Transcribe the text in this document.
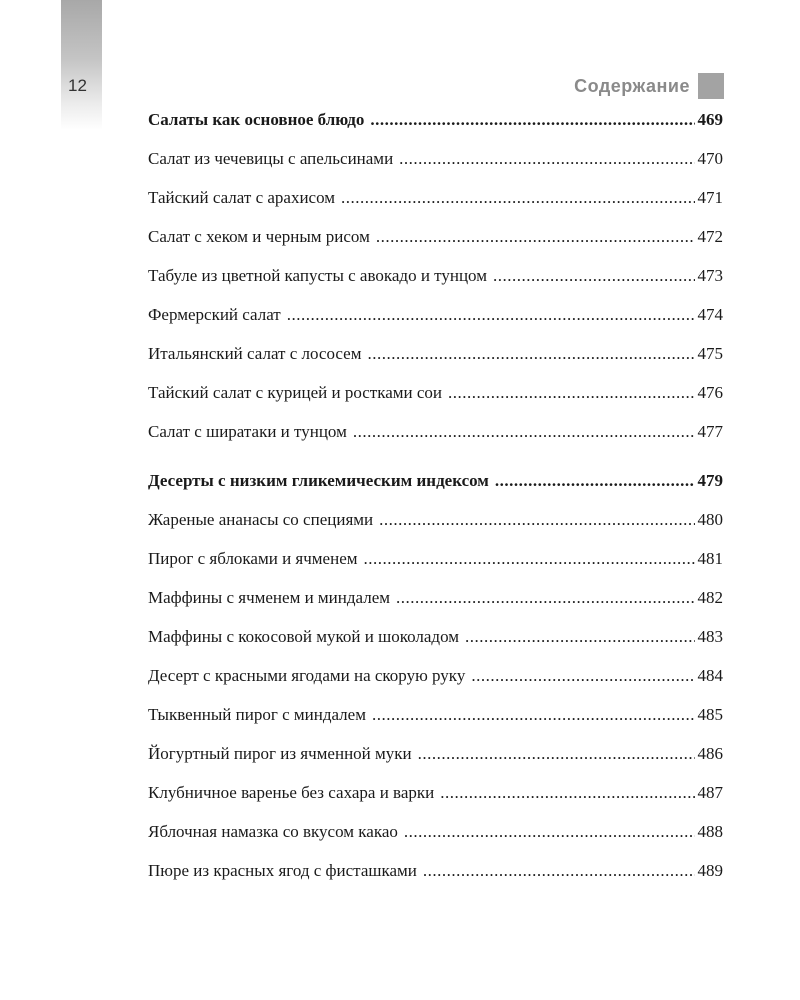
12	Содержание
Салаты как основное блюдо .....	469
Салат из чечевицы с апельсинами .....	470
Тайский салат с арахисом .....	471
Салат с хеком и черным рисом .....	472
Табуле из цветной капусты с авокадо и тунцом .....	473
Фермерский салат .....	474
Итальянский салат с лососем .....	475
Тайский салат с курицей и ростками сои .....	476
Салат с ширатаки и тунцом .....	477
Десерты с низким гликемическим индексом .....	479
Жареные ананасы со специями .....	480
Пирог с яблоками и ячменем .....	481
Маффины с ячменем и миндалем .....	482
Маффины с кокосовой мукой и шоколадом .....	483
Десерт с красными ягодами на скорую руку .....	484
Тыквенный пирог с миндалем .....	485
Йогуртный пирог из ячменной муки .....	486
Клубничное варенье без сахара и варки .....	487
Яблочная намазка со вкусом какао .....	488
Пюре из красных ягод с фисташками .....	489
